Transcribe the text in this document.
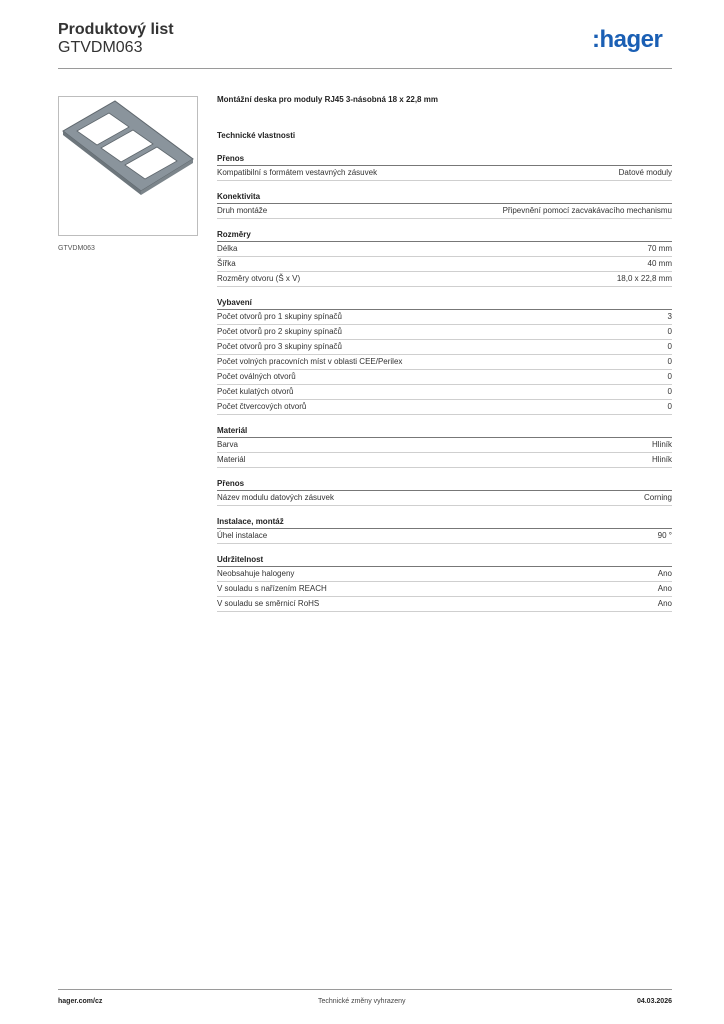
Produktový list
GTVDM063	:hager
GTVDM063
Montážní deska pro moduly RJ45 3-násobná 18 x 22,8 mm
Technické vlastnosti
Přenos
Kompatibilní s formátem vestavných zásuvek	Datové moduly
Konektivita
Druh montáže	Připevnění pomocí zacvakávacího mechanismu
Rozměry
Délka	70 mm
Šířka	40 mm
Rozměry otvoru (Š x V)	18,0 x 22,8 mm
Vybavení
Počet otvorů pro 1 skupiny spínačů	3
Počet otvorů pro 2 skupiny spínačů	0
Počet otvorů pro 3 skupiny spínačů	0
Počet volných pracovních míst v oblasti CEE/Perilex	0
Počet oválných otvorů	0
Počet kulatých otvorů	0
Počet čtvercových otvorů	0
Materiál
Barva	Hliník
Materiál	Hliník
Přenos
Název modulu datových zásuvek	Corning
Instalace, montáž
Úhel instalace	90 °
Udržitelnost
Neobsahuje halogeny	Ano
V souladu s nařízením REACH	Ano
V souladu se směrnicí RoHS	Ano
hager.com/cz	Technické změny vyhrazeny	04.03.2026
